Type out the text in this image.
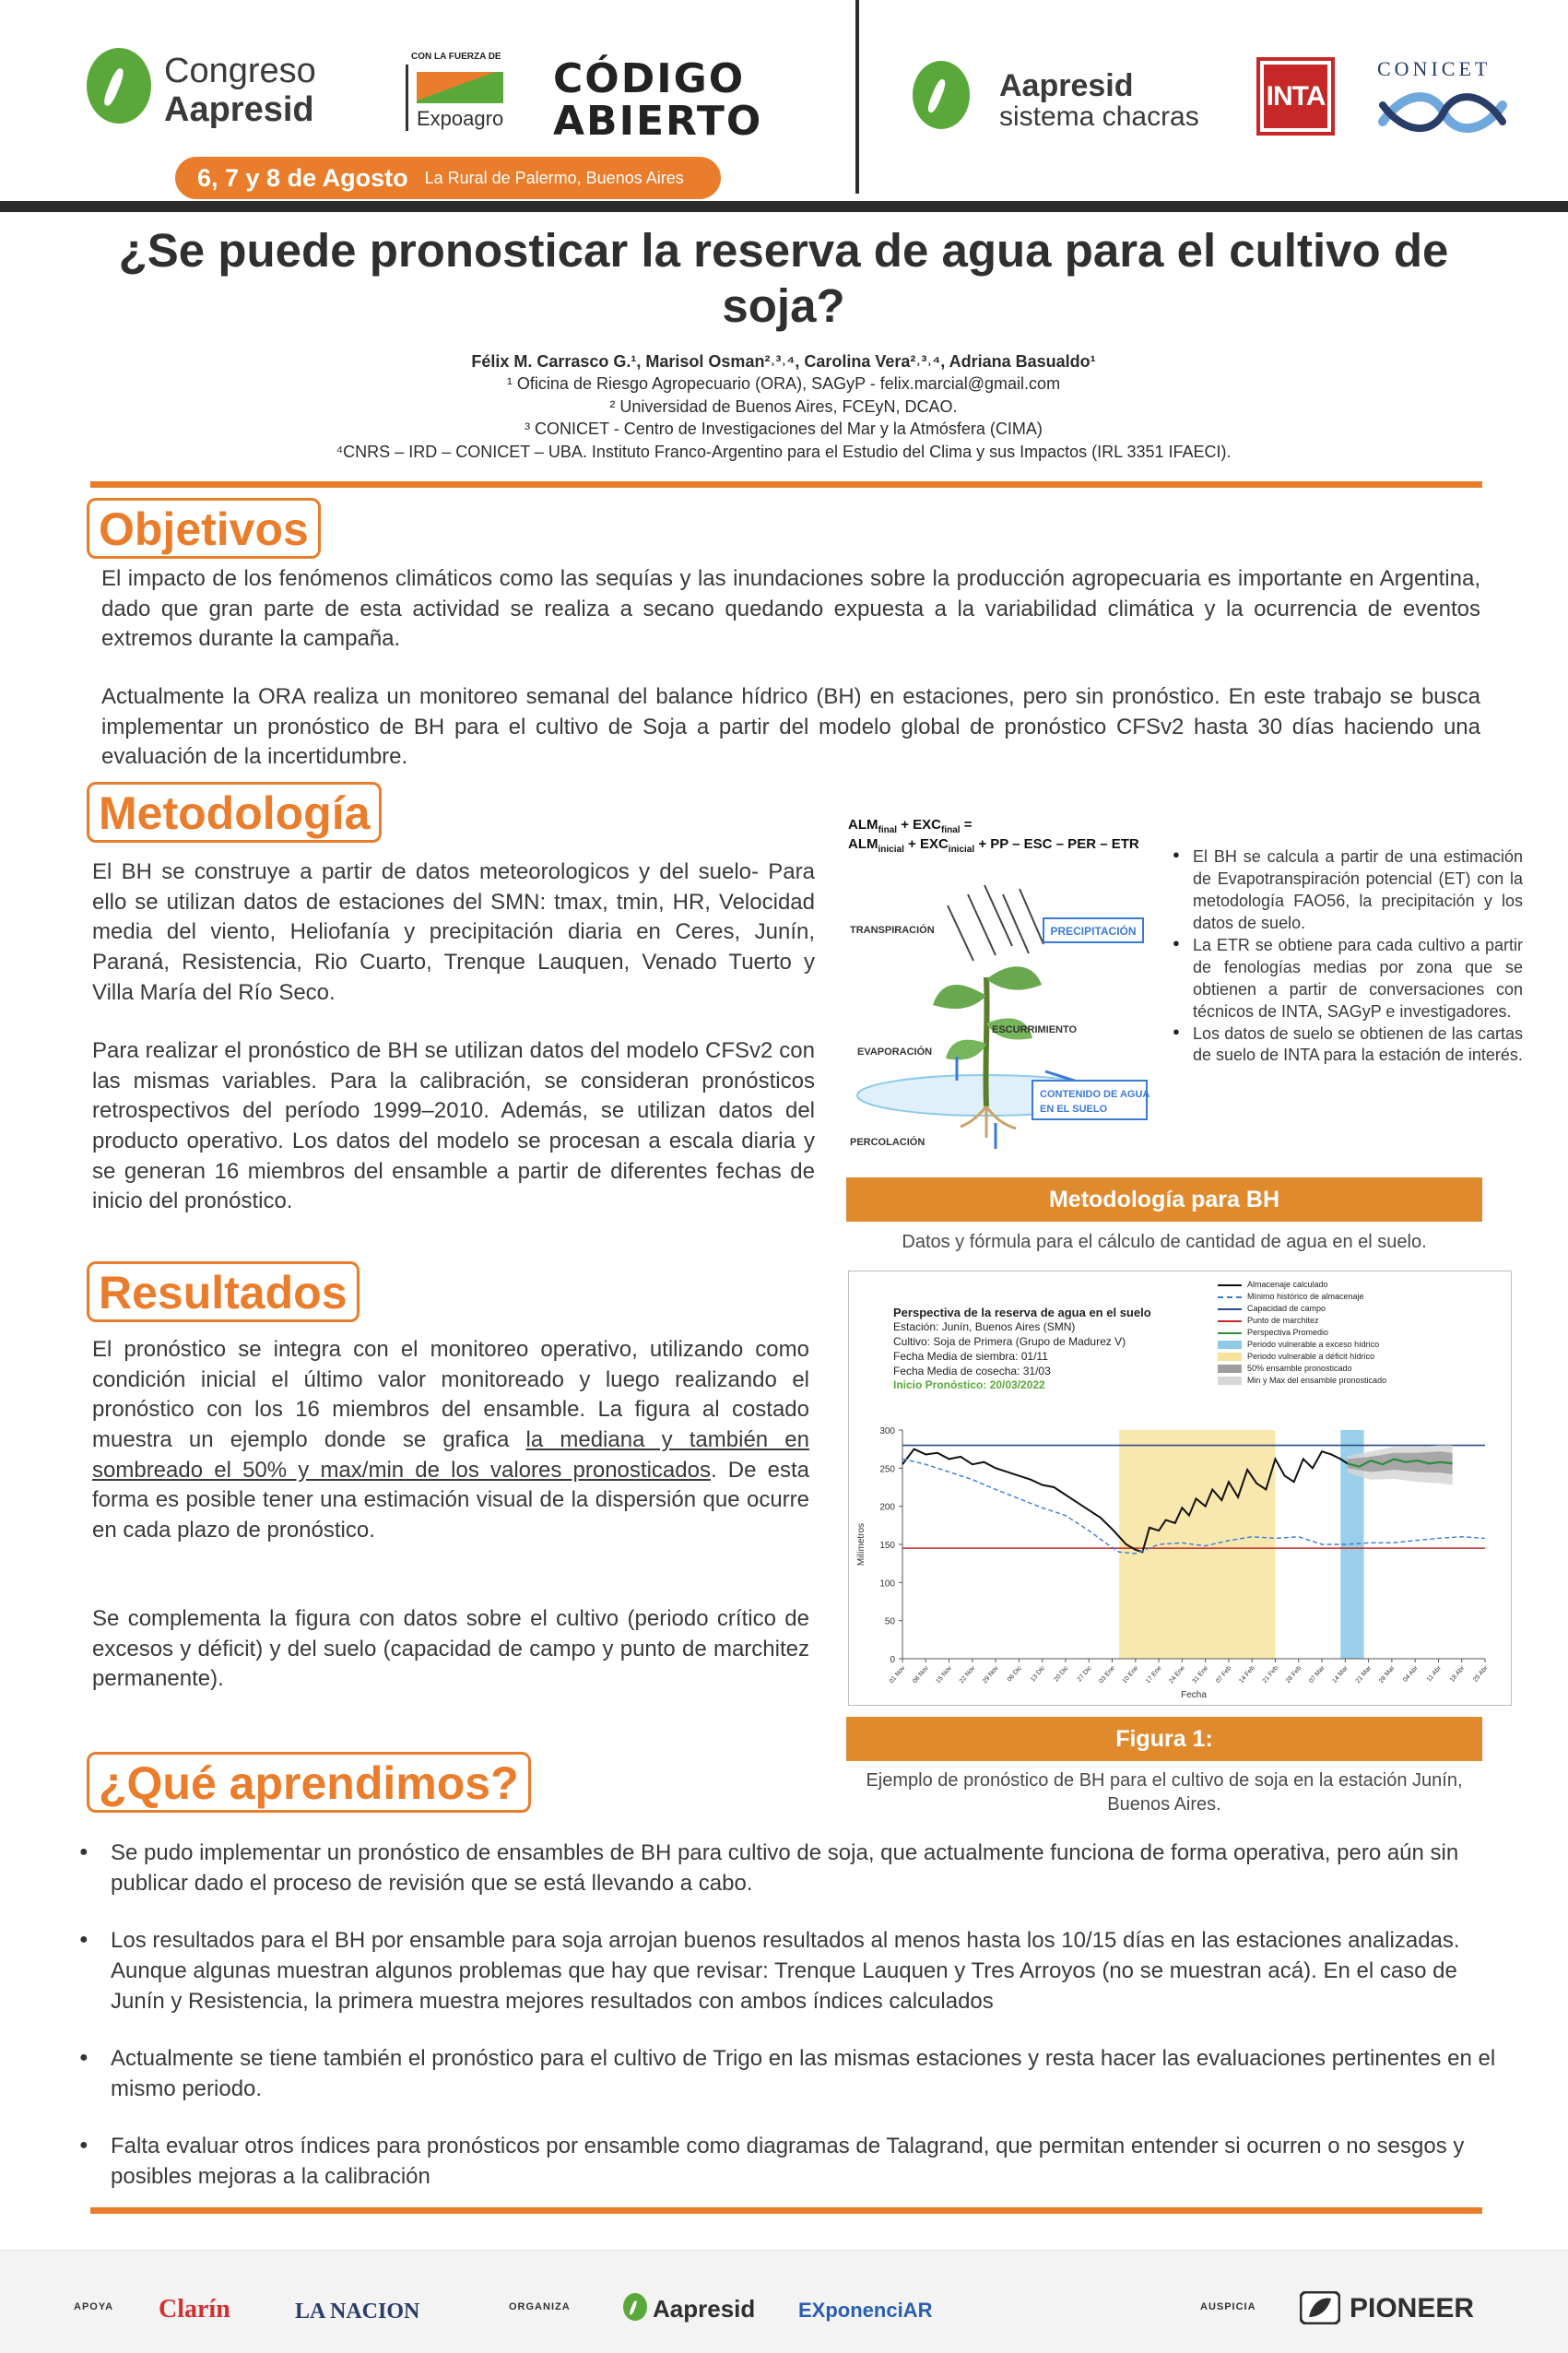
Congreso
Aapresid
CON LA FUERZA DE
Expoagro
CÓDIGO
ABIERTO
6, 7 y 8 de Agosto La Rural de Palermo, Buenos Aires
Aapresid
sistema chacras
INTA
CONICET
¿Se puede pronosticar la reserva de agua para el cultivo de soja?
Félix M. Carrasco G.¹, Marisol Osman²˒³˒⁴, Carolina Vera²˒³˒⁴, Adriana Basualdo¹
¹ Oficina de Riesgo Agropecuario (ORA), SAGyP - felix.marcial@gmail.com
² Universidad de Buenos Aires, FCEyN, DCAO.
³ CONICET - Centro de Investigaciones del Mar y la Atmósfera (CIMA)
⁴CNRS – IRD – CONICET – UBA. Instituto Franco-Argentino para el Estudio del Clima y sus Impactos (IRL 3351 IFAECI).
Objetivos
El impacto de los fenómenos climáticos como las sequías y las inundaciones sobre la producción agropecuaria es importante en Argentina, dado que gran parte de esta actividad se realiza a secano quedando expuesta a la variabilidad climática y la ocurrencia de eventos extremos durante la campaña.
Actualmente la ORA realiza un monitoreo semanal del balance hídrico (BH) en estaciones, pero sin pronóstico. En este trabajo se busca implementar un pronóstico de BH para el cultivo de Soja a partir del modelo global de pronóstico CFSv2 hasta 30 días haciendo una evaluación de la incertidumbre.
Metodología
El BH se construye a partir de datos meteorologicos y del suelo- Para ello se utilizan datos de estaciones del SMN: tmax, tmin, HR, Velocidad media del viento, Heliofanía y precipitación diaria en Ceres, Junín, Paraná, Resistencia, Rio Cuarto, Trenque Lauquen, Venado Tuerto y Villa María del Río Seco.
Para realizar el pronóstico de BH se utilizan datos del modelo CFSv2 con las mismas variables. Para la calibración, se consideran pronósticos retrospectivos del período 1999–2010. Además, se utilizan datos del producto operativo. Los datos del modelo se procesan a escala diaria y se generan 16 miembros del ensamble a partir de diferentes fechas de inicio del pronóstico.
$ALM_{final} + EXC_{final}$ =
$ALM_{inicial} + EXC_{inicial}$ + PP – ESC – PER – ETR
PRECIPITACIÓN
TRANSPIRACIÓN
ESCURRIMIENTO
EVAPORACIÓN
CONTENIDO DE AGUA
EN EL SUELO
PERCOLACIÓN
● El BH se calcula a partir de una estimación de Evapotranspiración potencial (ET) con la metodología FAO56, la precipitación y los datos de suelo.
● La ETR se obtiene para cada cultivo a partir de fenologías medias por zona que se obtienen a partir de conversaciones con técnicos de INTA, SAGyP e investigadores.
● Los datos de suelo se obtienen de las cartas de suelo de INTA para la estación de interés.
Metodología para BH
Datos y fórmula para el cálculo de cantidad de agua en el suelo.
Resultados
El pronóstico se integra con el monitoreo operativo, utilizando como condición inicial el último valor monitoreado y luego realizando el pronóstico con los 16 miembros del ensamble. La figura al costado muestra un ejemplo donde se grafica la mediana y también en sombreado el 50% y max/min de los valores pronosticados. De esta forma es posible tener una estimación visual de la dispersión que ocurre en cada plazo de pronóstico.
Se complementa la figura con datos sobre el cultivo (periodo crítico de excesos y déficit) y del suelo (capacidad de campo y punto de marchitez permanente).
Perspectiva de la reserva de agua en el suelo
Estación: Junín, Buenos Aires (SMN)
Cultivo: Soja de Primera (Grupo de Madurez V)
Fecha Media de siembra: 01/11
Fecha Media de cosecha: 31/03
Inicio Pronóstico: 20/03/2022
Almacenaje calculado
Mínimo histórico de almacenaje
Capacidad de campo
Punto de marchitez
Perspectiva Promedio
Periodo vulnerable a exceso hídrico
Periodo vulnerable a déficit hídrico
50% ensamble pronosticado
Min y Max del ensamble pronosticado
0
50
100
150
200
250
300
01 Nov 08 Nov 15 Nov 22 Nov 29 Nov 06 Dic 13 Dic 20 Dic 27 Dic 03 Ene 10 Ene 17 Ene 24 Ene 31 Ene 07 Feb 14 Feb 21 Feb 28 Feb 07 Mar 14 Mar 21 Mar 28 Mar 04 Abr 11 Abr 18 Abr 25 Abr
Milímetros
Fecha
Figura 1:
Ejemplo de pronóstico de BH para el cultivo de soja en la estación Junín, Buenos Aires.
¿Qué aprendimos?
● Se pudo implementar un pronóstico de ensambles de BH para cultivo de soja, que actualmente funciona de forma operativa, pero aún sin publicar dado el proceso de revisión que se está llevando a cabo.
● Los resultados para el BH por ensamble para soja arrojan buenos resultados al menos hasta los 10/15 días en las estaciones analizadas. Aunque algunas muestran algunos problemas que hay que revisar: Trenque Lauquen y Tres Arroyos (no se muestran acá). En el caso de Junín y Resistencia, la primera muestra mejores resultados con ambos índices calculados
● Actualmente se tiene también el pronóstico para el cultivo de Trigo en las mismas estaciones y resta hacer las evaluaciones pertinentes en el mismo periodo.
● Falta evaluar otros índices para pronósticos por ensamble como diagramas de Talagrand, que permitan entender si ocurren o no sesgos y posibles mejoras a la calibración
APOYA Clarín	LA NACION	ORGANIZA	Aapresid EXponenciAR	AUSPICIA	PIONEER
